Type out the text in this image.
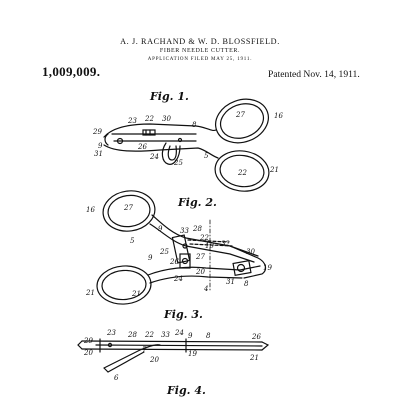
A. J. RACHAND & W. D. BLOSSFIELD.
FIBER NEEDLE CUTTER.
APPLICATION FILED MAY 25, 1911.
1,009,009.	Patented Nov. 14, 1911.
Fig. 1.
Fig. 2.
Fig. 3.
Fig. 4.
29
23 22 30	27	16
9
8
31
26
24
25
5
21
22
16	27
5
9	33 28
22
32
30
19
25
27
26
20
24
4
21
31 8
21
9
10
29
23 28 22 33 24 9 8	26
20	19
6
7
20	21
